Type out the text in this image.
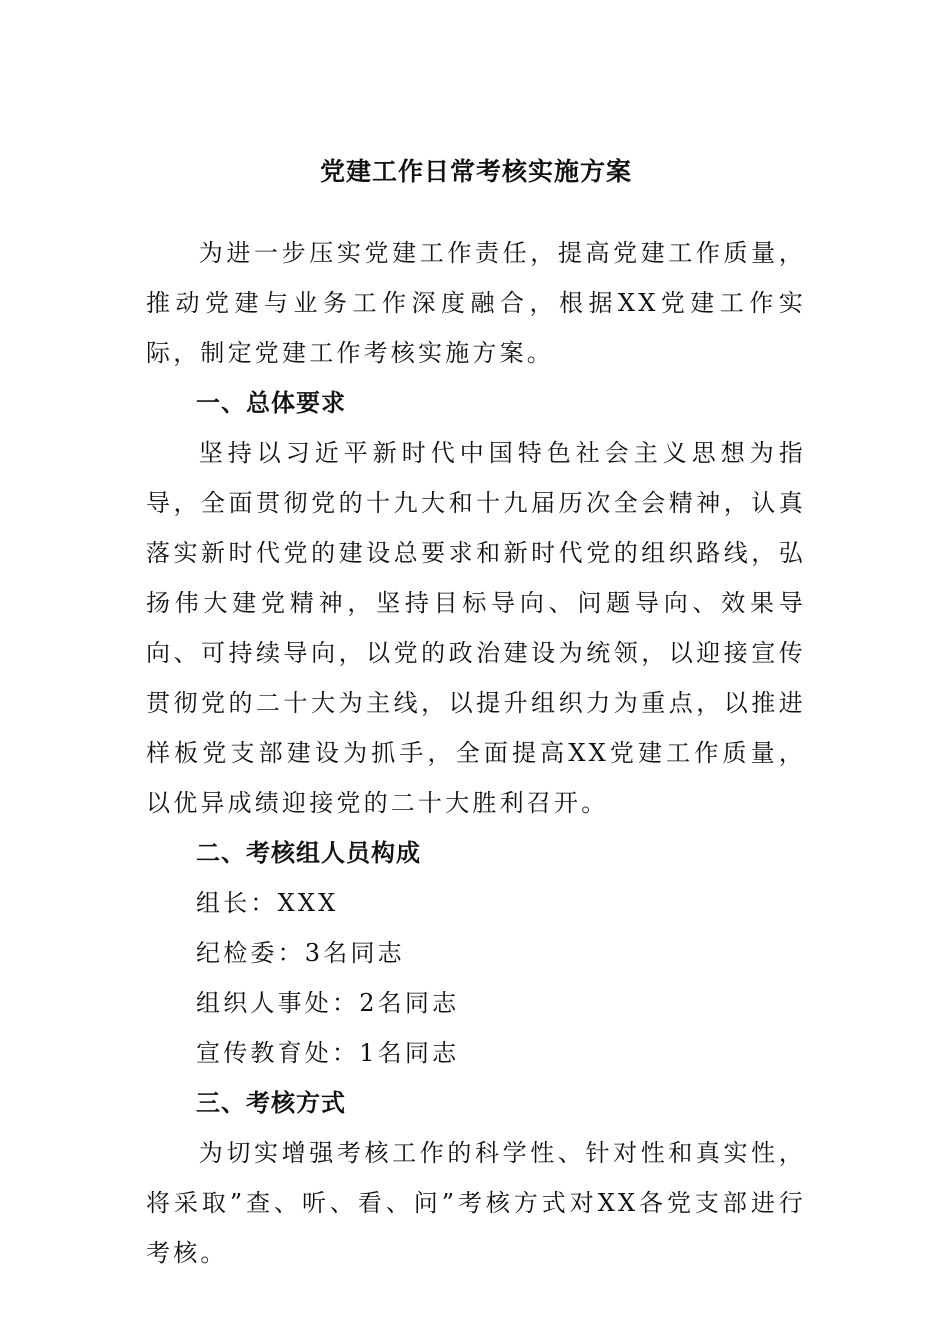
党建工作日常考核实施方案

为进一步压实党建工作责任，提高党建工作质量，推动党建与业务工作深度融合，根据XX党建工作实际，制定党建工作考核实施方案。

一、总体要求

坚持以习近平新时代中国特色社会主义思想为指导，全面贯彻党的十九大和十九届历次全会精神，认真落实新时代党的建设总要求和新时代党的组织路线，弘扬伟大建党精神，坚持目标导向、问题导向、效果导向、可持续导向，以党的政治建设为统领，以迎接宣传贯彻党的二十大为主线，以提升组织力为重点，以推进样板党支部建设为抓手，全面提高XX党建工作质量，以优异成绩迎接党的二十大胜利召开。

二、考核组人员构成

组长：XXX

纪检委：3名同志

组织人事处：2名同志

宣传教育处：1名同志

三、考核方式

为切实增强考核工作的科学性、针对性和真实性，将采取”查、听、看、问”考核方式对XX各党支部进行考核。
